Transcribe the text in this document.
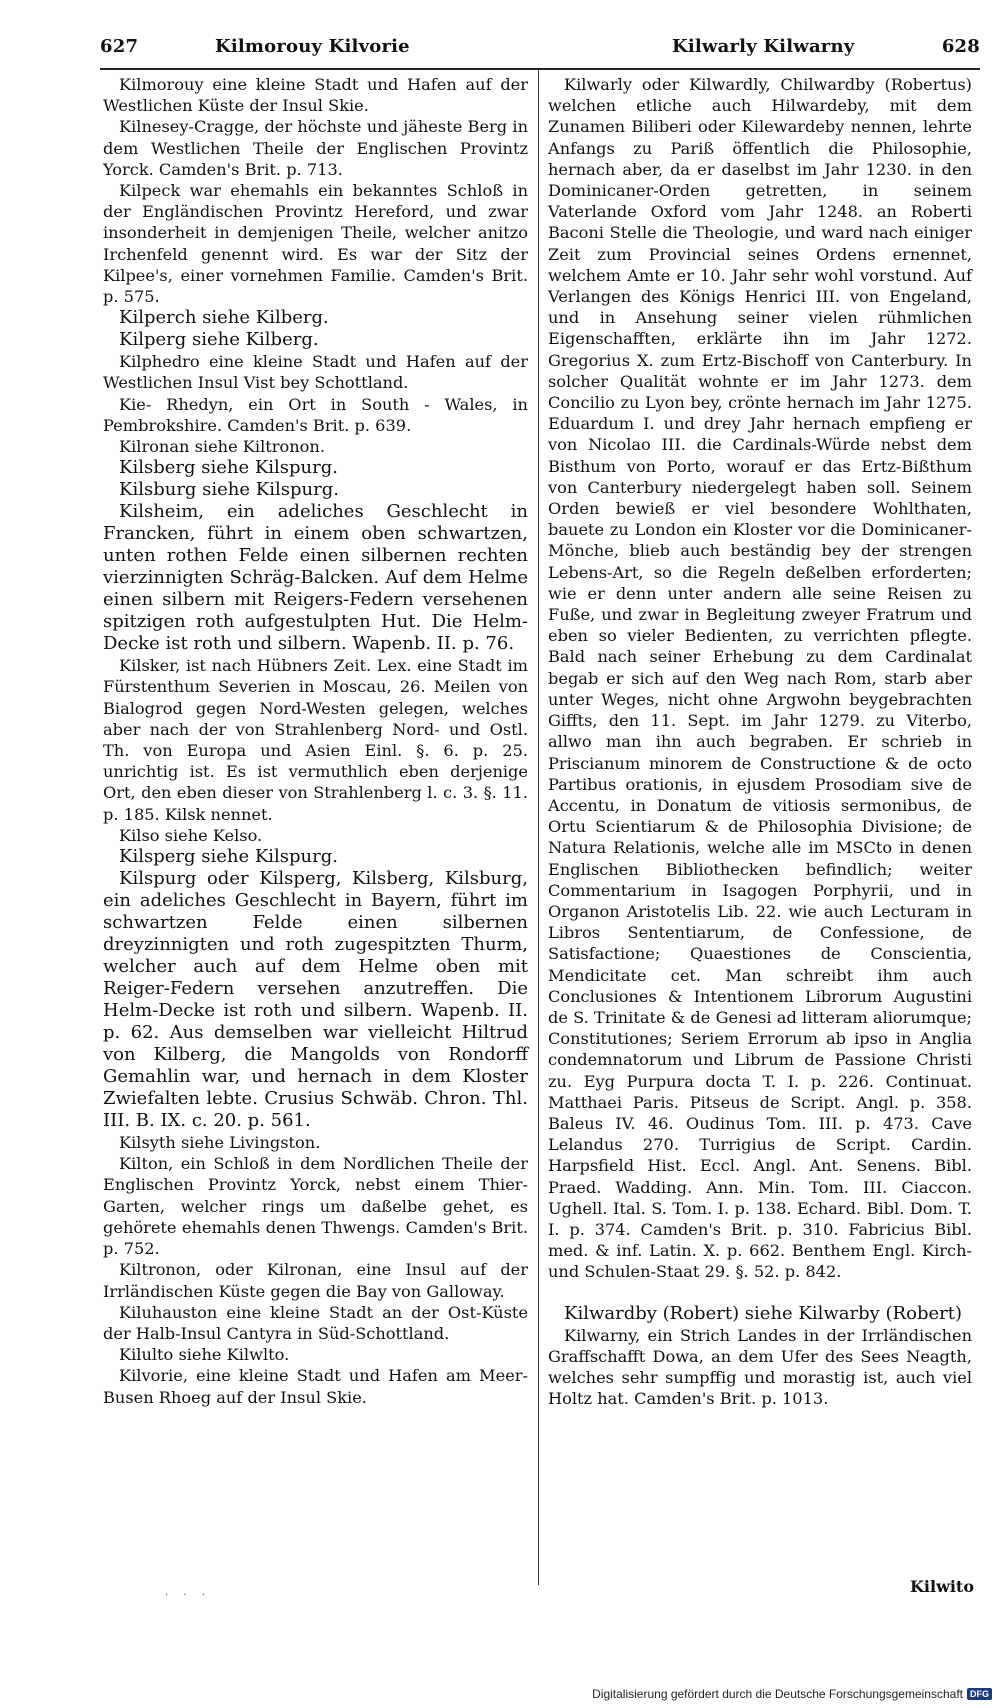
627	Kilmorouy Kilvorie	Kilwarly Kilwarny	628

Kilmorouy eine kleine Stadt und Hafen auf der Westlichen Küste der Insul Skie.

Kilnesey-Cragge, der höchste und jäheste Berg in dem Westlichen Theile der Englischen Provintz Yorck. Camden's Brit. p. 713.

Kilpeck war ehemahls ein bekanntes Schloß in der Engländischen Provintz Hereford, und zwar insonderheit in demjenigen Theile, welcher anitzo Irchenfeld genennt wird. Es war der Sitz der Kilpee's, einer vornehmen Familie. Camden's Brit. p. 575.

Kilperch siehe Kilberg.

Kilperg siehe Kilberg.

Kilphedro eine kleine Stadt und Hafen auf der Westlichen Insul Vist bey Schottland.

Kie- Rhedyn, ein Ort in South - Wales, in Pembrokshire. Camden's Brit. p. 639.

Kilronan siehe Kiltronon.

Kilsberg siehe Kilspurg.

Kilsburg siehe Kilspurg.

Kilsheim, ein adeliches Geschlecht in Francken, führt in einem oben schwartzen, unten rothen Felde einen silbernen rechten vierzinnigten Schräg-Balcken. Auf dem Helme einen silbern mit Reigers-Federn versehenen spitzigen roth aufgestulpten Hut. Die Helm-Decke ist roth und silbern. Wapenb. II. p. 76.

Kilsker, ist nach Hübners Zeit. Lex. eine Stadt im Fürstenthum Severien in Moscau, 26. Meilen von Bialogrod gegen Nord-Westen gelegen, welches aber nach der von Strahlenberg Nord- und Ostl. Th. von Europa und Asien Einl. §. 6. p. 25. unrichtig ist. Es ist vermuthlich eben derjenige Ort, den eben dieser von Strahlenberg l. c. 3. §. 11. p. 185. Kilsk nennet.

Kilso siehe Kelso.

Kilsperg siehe Kilspurg.

Kilspurg oder Kilsperg, Kilsberg, Kilsburg, ein adeliches Geschlecht in Bayern, führt im schwartzen Felde einen silbernen dreyzinnigten und roth zugespitzten Thurm, welcher auch auf dem Helme oben mit Reiger-Federn versehen anzutreffen. Die Helm-Decke ist roth und silbern. Wapenb. II. p. 62. Aus demselben war vielleicht Hiltrud von Kilberg, die Mangolds von Rondorff Gemahlin war, und hernach in dem Kloster Zwiefalten lebte. Crusius Schwäb. Chron. Thl. III. B. IX. c. 20. p. 561.

Kilsyth siehe Livingston.

Kilton, ein Schloß in dem Nordlichen Theile der Englischen Provintz Yorck, nebst einem Thier-Garten, welcher rings um daßelbe gehet, es gehörete ehemahls denen Thwengs. Camden's Brit. p. 752.

Kiltronon, oder Kilronan, eine Insul auf der Irrländischen Küste gegen die Bay von Galloway.

Kiluhauston eine kleine Stadt an der Ost-Küste der Halb-Insul Cantyra in Süd-Schottland.

Kilulto siehe Kilwlto.

Kilvorie, eine kleine Stadt und Hafen am Meer-Busen Rhoeg auf der Insul Skie.

Kilwarly oder Kilwardly, Chilwardby (Robertus) welchen etliche auch Hilwardeby, mit dem Zunamen Biliberi oder Kilewardeby nennen, lehrte Anfangs zu Pariß öffentlich die Philosophie, hernach aber, da er daselbst im Jahr 1230. in den Dominicaner-Orden getretten, in seinem Vaterlande Oxford vom Jahr 1248. an Roberti Baconi Stelle die Theologie, und ward nach einiger Zeit zum Provincial seines Ordens ernennet, welchem Amte er 10. Jahr sehr wohl vorstund. Auf Verlangen des Königs Henrici III. von Engeland, und in Ansehung seiner vielen rühmlichen Eigenschafften, erklärte ihn im Jahr 1272. Gregorius X. zum Ertz-Bischoff von Canterbury. In solcher Qualität wohnte er im Jahr 1273. dem Concilio zu Lyon bey, crönte hernach im Jahr 1275. Eduardum I. und drey Jahr hernach empfieng er von Nicolao III. die Cardinals-Würde nebst dem Bisthum von Porto, worauf er das Ertz-Bißthum von Canterbury niedergelegt haben soll. Seinem Orden bewieß er viel besondere Wohlthaten, bauete zu London ein Kloster vor die Dominicaner-Mönche, blieb auch beständig bey der strengen Lebens-Art, so die Regeln deßelben erforderten; wie er denn unter andern alle seine Reisen zu Fuße, und zwar in Begleitung zweyer Fratrum und eben so vieler Bedienten, zu verrichten pflegte. Bald nach seiner Erhebung zu dem Cardinalat begab er sich auf den Weg nach Rom, starb aber unter Weges, nicht ohne Argwohn beygebrachten Giffts, den 11. Sept. im Jahr 1279. zu Viterbo, allwo man ihn auch begraben. Er schrieb in Priscianum minorem de Constructione & de octo Partibus orationis, in ejusdem Prosodiam sive de Accentu, in Donatum de vitiosis sermonibus, de Ortu Scientiarum & de Philosophia Divisione; de Natura Relationis, welche alle im MSCto in denen Englischen Bibliothecken befindlich; weiter Commentarium in Isagogen Porphyrii, und in Organon Aristotelis Lib. 22. wie auch Lecturam in Libros Sententiarum, de Confessione, de Satisfactione; Quaestiones de Conscientia, Mendicitate cet. Man schreibt ihm auch Conclusiones & Intentionem Librorum Augustini de S. Trinitate & de Genesi ad litteram aliorumque; Constitutiones; Seriem Errorum ab ipso in Anglia condemnatorum und Librum de Passione Christi zu. Eyg Purpura docta T. I. p. 226. Continuat. Matthaei Paris. Pitseus de Script. Angl. p. 358. Baleus IV. 46. Oudinus Tom. III. p. 473. Cave Lelandus 270. Turrigius de Script. Cardin. Harpsfield Hist. Eccl. Angl. Ant. Senens. Bibl. Praed. Wadding. Ann. Min. Tom. III. Ciaccon. Ughell. Ital. S. Tom. I. p. 138. Echard. Bibl. Dom. T. I. p. 374. Camden's Brit. p. 310. Fabricius Bibl. med. & inf. Latin. X. p. 662. Benthem Engl. Kirch- und Schulen-Staat 29. §. 52. p. 842.

Kilwardby (Robert) siehe Kilwarby (Robert)

Kilwarny, ein Strich Landes in der Irrländischen Graffschafft Dowa, an dem Ufer des Sees Neagth, welches sehr sumpffig und morastig ist, auch viel Holtz hat. Camden's Brit. p. 1013.

Kilwito
· · ·
Digitalisierung gefördert durch die Deutsche Forschungsgemeinschaft DFG
